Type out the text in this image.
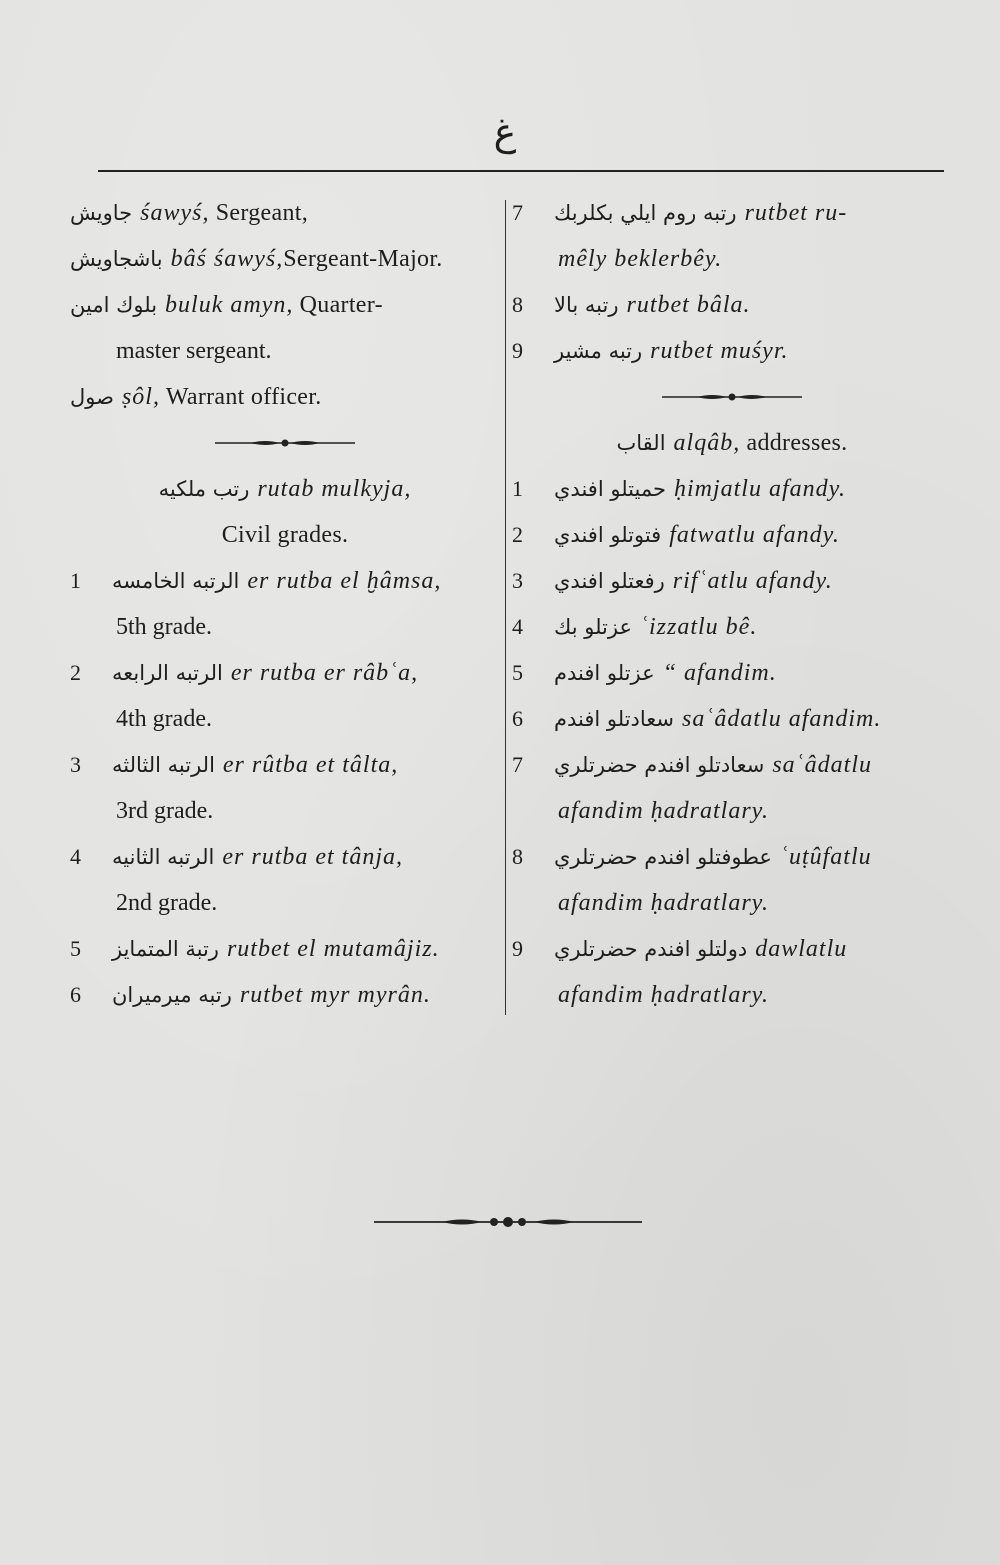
غ
جاويش śawyś, Sergeant,
باشجاويش bâś śawyś,Sergeant-Major.
بلوك امين buluk amyn, Quarter-
master sergeant.
صول ṣôl, Warrant officer.
رتب ملكيه rutab mulkyja,
Civil grades.
1 الرتبه الخامسه er rutba el ḫâmsa,
5th grade.
2 الرتبه الرابعه er rutba er râbʿa,
4th grade.
3 الرتبه الثالثه er rûtba et tâlta,
3rd grade.
4 الرتبه الثانيه er rutba et tânja,
2nd grade.
5 رتبة المتمايز rutbet el mutamâjiz.
6 رتبه ميرميران rutbet myr myrân.
7 رتبه روم ايلي بكلربك rutbet ru-
mêly beklerbêy.
8 رتبه بالا rutbet bâla.
9 رتبه مشير rutbet muśyr.
القاب alqâb, addresses.
1 حميتلو افندي ḥimjatlu afandy.
2 فتوتلو افندي fatwatlu afandy.
3 رفعتلو افندي rifʿatlu afandy.
4 عزتلو بك ʿizzatlu bê.
5 عزتلو افندم “ afandim.
6 سعادتلو افندم saʿâdatlu afandim.
7 سعادتلو افندم حضرتلري saʿâdatlu
afandim ḥadratlary.
8 عطوفتلو افندم حضرتلري ʿuṭûfatlu
afandim ḥadratlary.
9 دولتلو افندم حضرتلري dawlatlu
afandim ḥadratlary.
